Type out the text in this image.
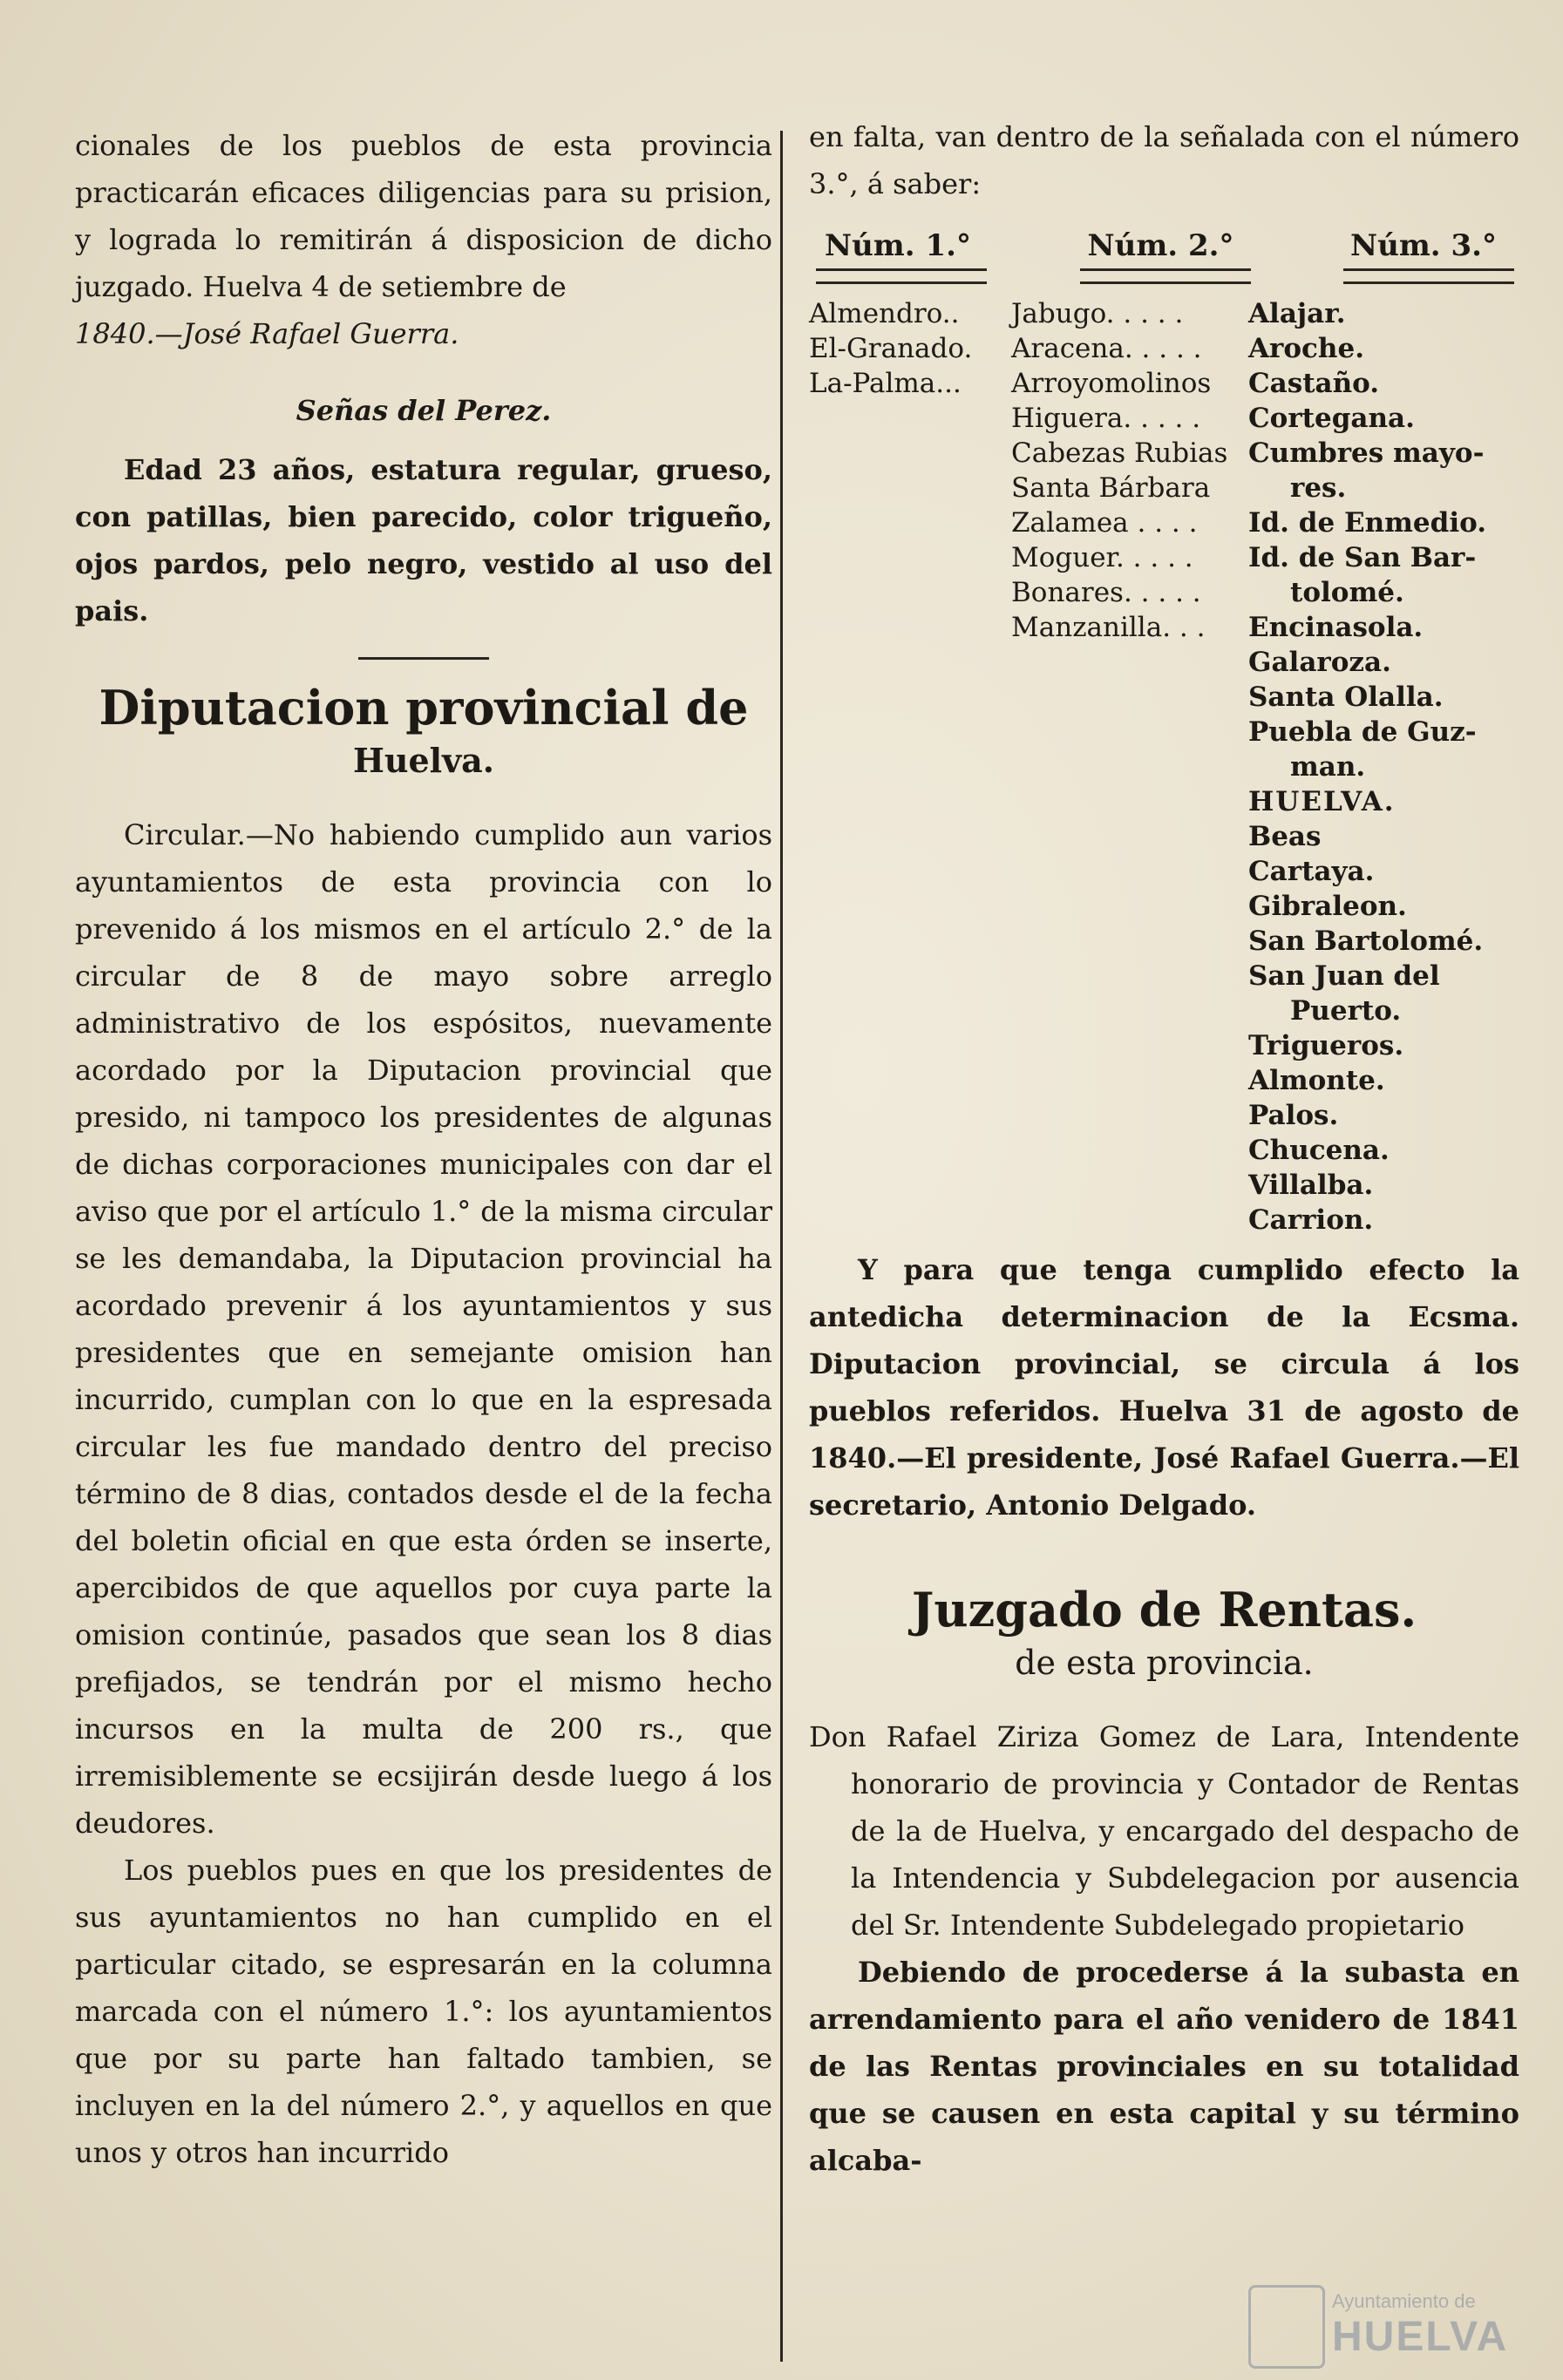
cionales de los pueblos de esta provincia practicarán eficaces diligencias para su prision, y lograda lo remitirán á disposicion de dicho juzgado. Huelva 4 de setiembre de

1840.—José Rafael Guerra.

Señas del Perez.

Edad 23 años, estatura regular, grueso, con patillas, bien parecido, color trigueño, ojos pardos, pelo negro, vestido al uso del pais.

Diputacion provincial de
Huelva.

Circular.—No habiendo cumplido aun varios ayuntamientos de esta provincia con lo prevenido á los mismos en el artículo 2.° de la circular de 8 de mayo sobre arreglo administrativo de los espósitos, nuevamente acordado por la Diputacion provincial que presido, ni tampoco los presidentes de algunas de dichas corporaciones municipales con dar el aviso que por el artículo 1.° de la misma circular se les demandaba, la Diputacion provincial ha acordado prevenir á los ayuntamientos y sus presidentes que en semejante omision han incurrido, cumplan con lo que en la espresada circular les fue mandado dentro del preciso término de 8 dias, contados desde el de la fecha del boletin oficial en que esta órden se inserte, apercibidos de que aquellos por cuya parte la omision continúe, pasados que sean los 8 dias prefijados, se tendrán por el mismo hecho incursos en la multa de 200 rs., que irremisiblemente se ecsijirán desde luego á los deudores.

Los pueblos pues en que los presidentes de sus ayuntamientos no han cumplido en el particular citado, se espresarán en la columna marcada con el número 1.°: los ayuntamientos que por su parte han faltado tambien, se incluyen en la del número 2.°, y aquellos en que unos y otros han incurrido

en falta, van dentro de la señalada con el número 3.°, á saber:

Núm. 1.°	Núm. 2.°	Núm. 3.°
Almendro..
El-Granado.
La-Palma...
Jabugo. . . . .
Aracena. . . . .
Arroyomolinos
Higuera. . . . .
Cabezas Rubias
Santa Bárbara
Zalamea . . . .
Moguer. . . . .
Bonares. . . . .
Manzanilla. . .
Alajar.
Aroche.
Castaño.
Cortegana.
Cumbres mayo-
res.
Id. de Enmedio.
Id. de San Bar-
tolomé.
Encinasola.
Galaroza.
Santa Olalla.
Puebla de Guz-
man.
HUELVA.
Beas
Cartaya.
Gibraleon.
San Bartolomé.
San Juan del
Puerto.
Trigueros.
Almonte.
Palos.
Chucena.
Villalba.
Carrion.

Y para que tenga cumplido efecto la antedicha determinacion de la Ecsma. Diputacion provincial, se circula á los pueblos referidos. Huelva 31 de agosto de 1840.—El presidente, José Rafael Guerra.—El secretario, Antonio Delgado.

Juzgado de Rentas.
de esta provincia.

Don Rafael Ziriza Gomez de Lara, Intendente honorario de provincia y Contador de Rentas de la de Huelva, y encargado del despacho de la Intendencia y Subdelegacion por ausencia del Sr. Intendente Subdelegado propietario

Debiendo de procederse á la subasta en arrendamiento para el año venidero de 1841 de las Rentas provinciales en su totalidad que se causen en esta capital y su término alcaba-

Ayuntamiento de
HUELVA
